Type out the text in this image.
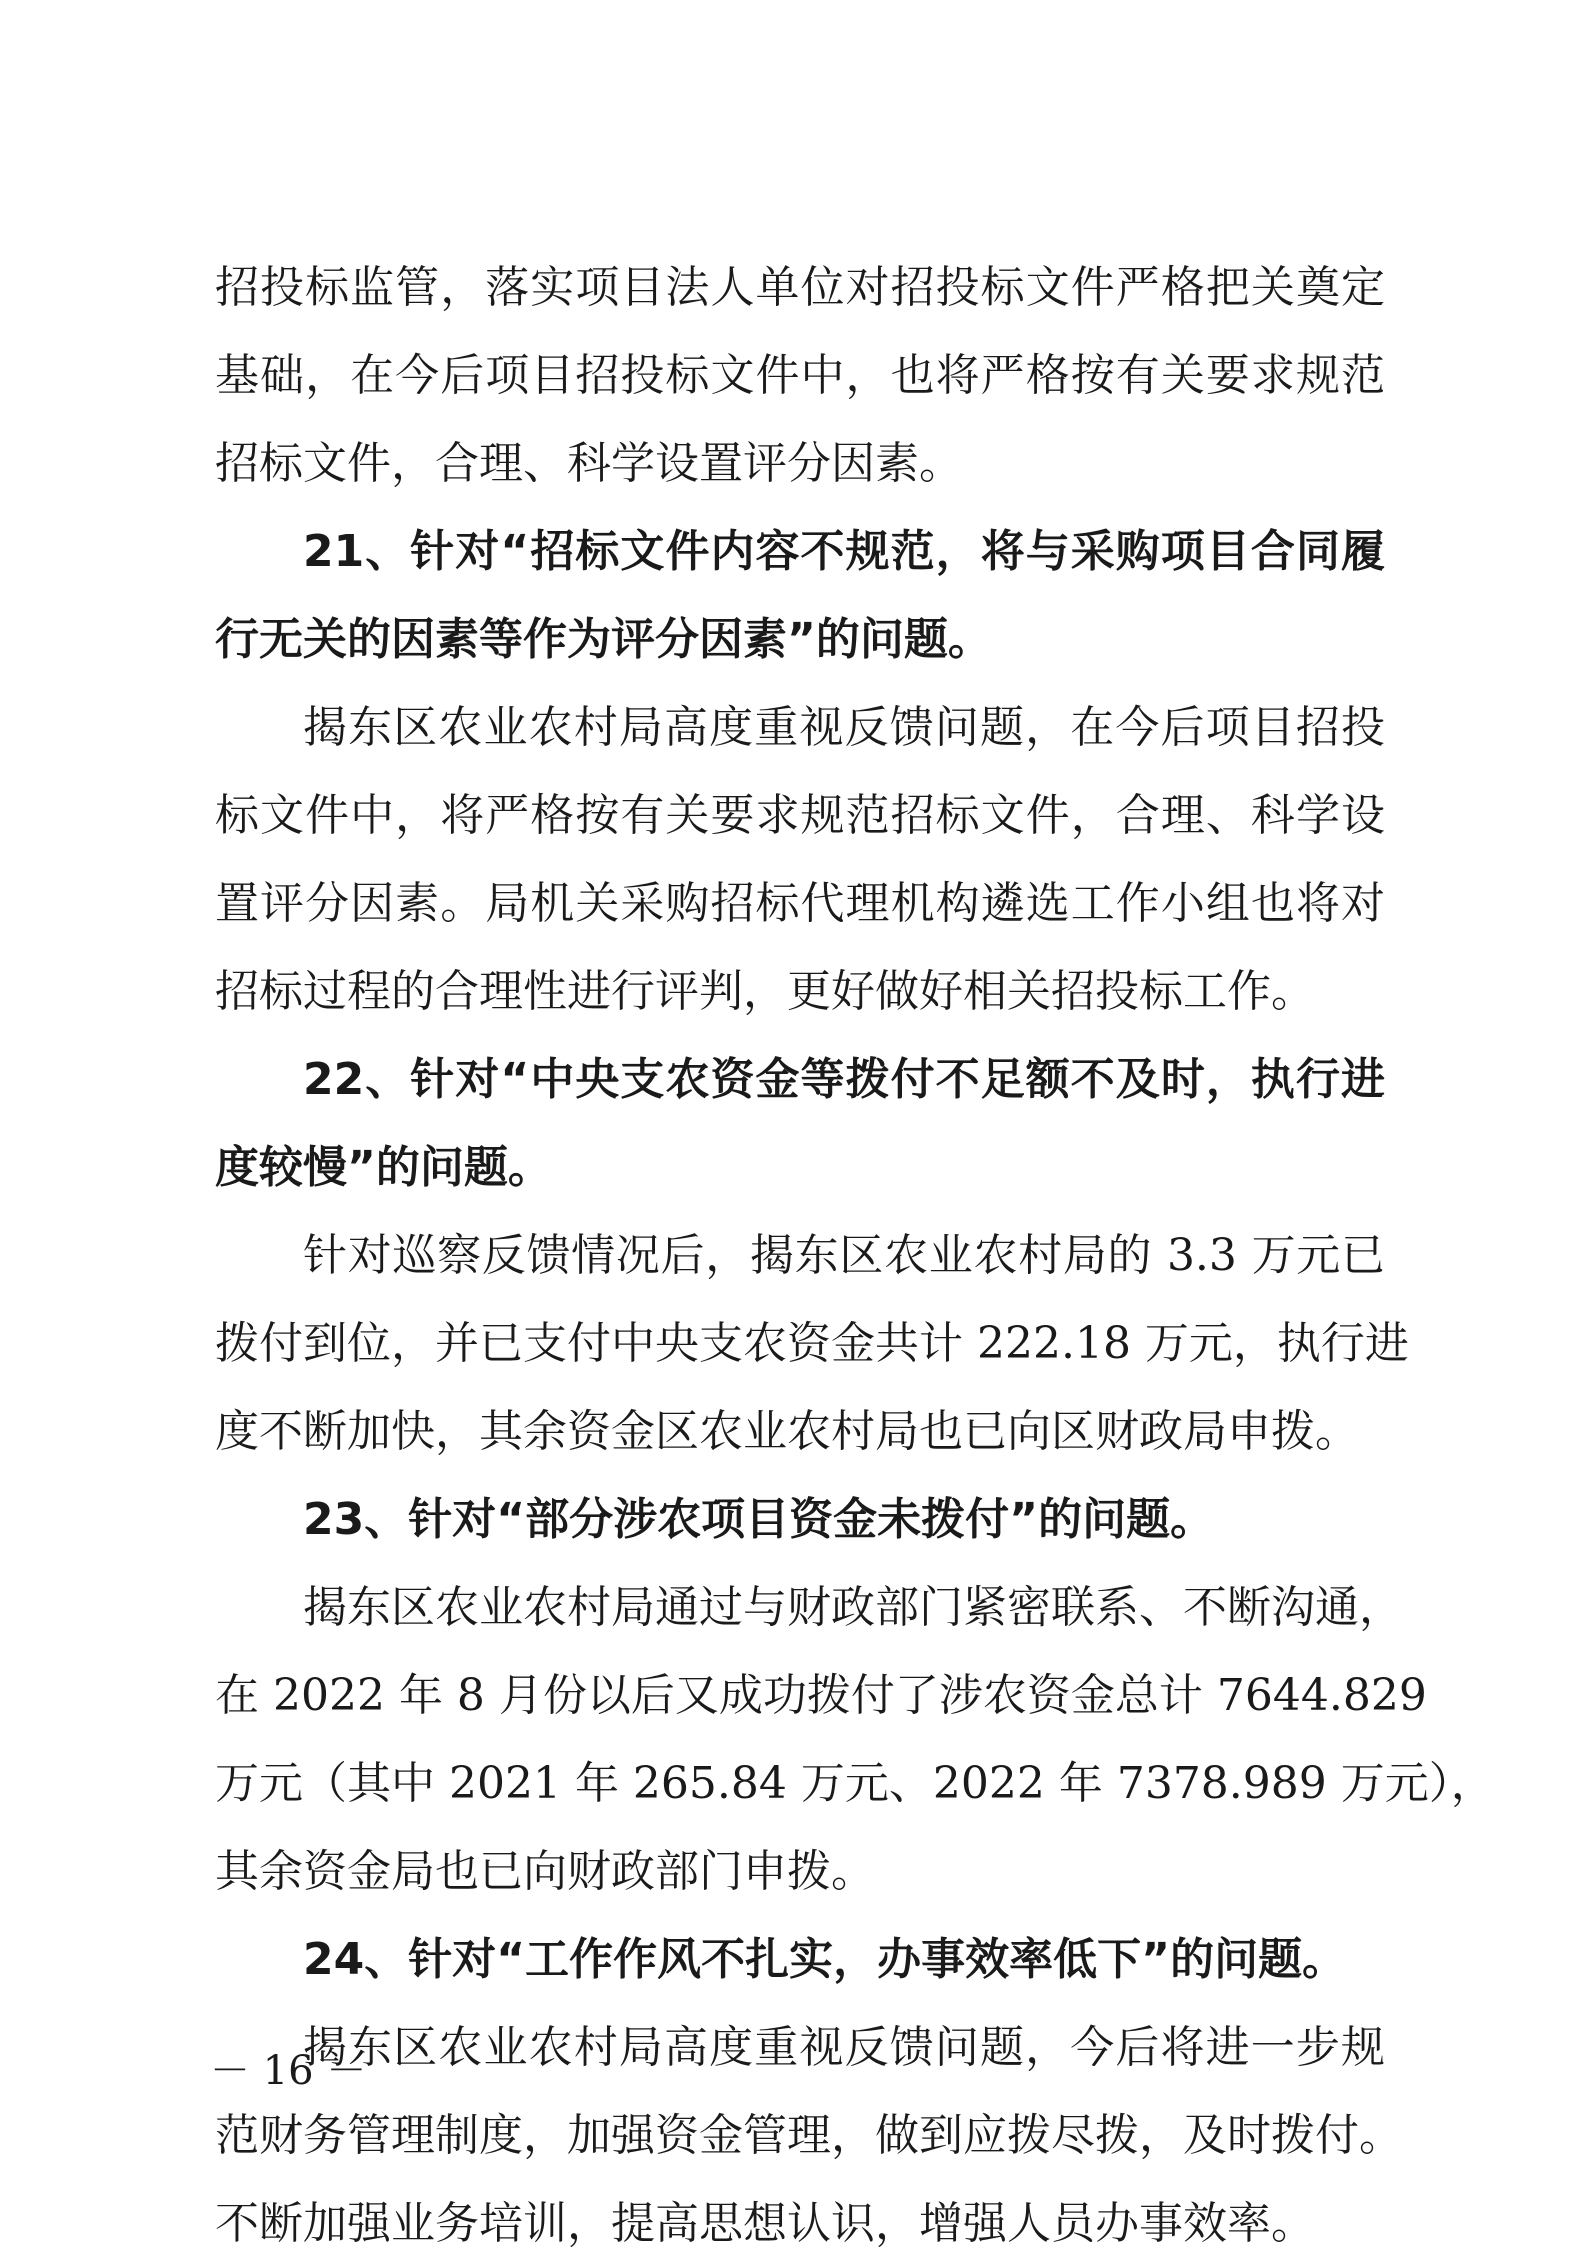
招投标监管，落实项目法人单位对招投标文件严格把关奠定
基础，在今后项目招投标文件中，也将严格按有关要求规范
招标文件，合理、科学设置评分因素。
21、针对“招标文件内容不规范，将与采购项目合同履
行无关的因素等作为评分因素”的问题。
揭东区农业农村局高度重视反馈问题，在今后项目招投
标文件中，将严格按有关要求规范招标文件，合理、科学设
置评分因素。局机关采购招标代理机构遴选工作小组也将对
招标过程的合理性进行评判，更好做好相关招投标工作。
22、针对“中央支农资金等拨付不足额不及时，执行进
度较慢”的问题。
针对巡察反馈情况后，揭东区农业农村局的 3.3 万元已
拨付到位，并已支付中央支农资金共计 222.18 万元，执行进
度不断加快，其余资金区农业农村局也已向区财政局申拨。
23、针对“部分涉农项目资金未拨付”的问题。
揭东区农业农村局通过与财政部门紧密联系、不断沟通，
在 2022 年 8 月份以后又成功拨付了涉农资金总计 7644.829
万元（其中 2021 年 265.84 万元、2022 年 7378.989 万元），
其余资金局也已向财政部门申拨。
24、针对“工作作风不扎实，办事效率低下”的问题。
揭东区农业农村局高度重视反馈问题，今后将进一步规
范财务管理制度，加强资金管理，做到应拨尽拨，及时拨付。
不断加强业务培训，提高思想认识，增强人员办事效率。
－ 16 －
